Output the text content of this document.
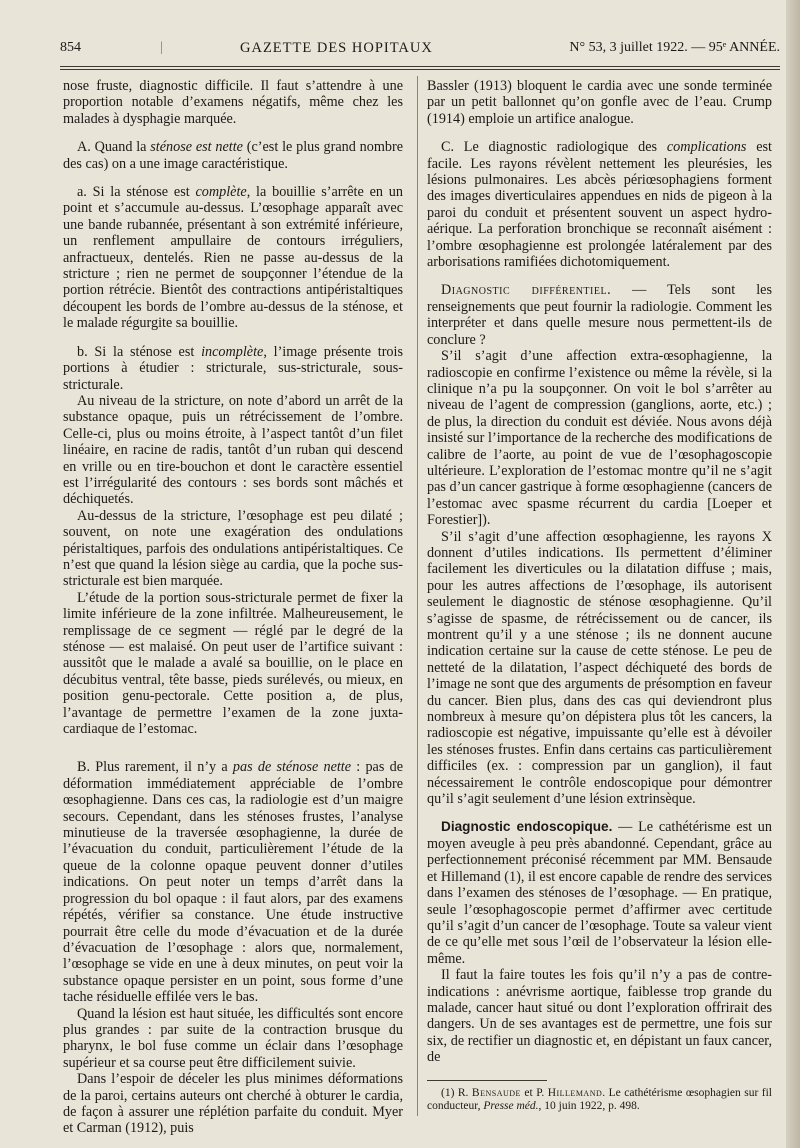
854	|	GAZETTE DES HOPITAUX	N° 53, 3 juillet 1922. — 95ᵉ ANNÉE.

nose fruste, diagnostic difficile. Il faut s’attendre à une proportion notable d’examens négatifs, même chez les malades à dysphagie marquée.

A. Quand la sténose est nette (c’est le plus grand nombre des cas) on a une image caractéristique.

a. Si la sténose est complète, la bouillie s’arrête en un point et s’accumule au-dessus. L’œsophage apparaît avec une bande rubannée, présentant à son extrémité inférieure, un renflement ampullaire de contours irréguliers, anfractueux, dentelés. Rien ne passe au-dessus de la stricture ; rien ne permet de soupçonner l’étendue de la portion rétrécie. Bientôt des contractions antipéristaltiques découpent les bords de l’ombre au-dessus de la sténose, et le malade régurgite sa bouillie.

b. Si la sténose est incomplète, l’image présente trois portions à étudier : stricturale, sus-stricturale, sous-stricturale.

Au niveau de la stricture, on note d’abord un arrêt de la substance opaque, puis un rétrécissement de l’ombre. Celle-ci, plus ou moins étroite, à l’aspect tantôt d’un filet linéaire, en racine de radis, tantôt d’un ruban qui descend en vrille ou en tire-bouchon et dont le caractère essentiel est l’irrégularité des contours : ses bords sont mâchés et déchiquetés.

Au-dessus de la stricture, l’œsophage est peu dilaté ; souvent, on note une exagération des ondulations péristaltiques, parfois des ondulations antipéristaltiques. Ce n’est que quand la lésion siège au cardia, que la poche sus-stricturale est bien marquée.

L’étude de la portion sous-stricturale permet de fixer la limite inférieure de la zone infiltrée. Malheureusement, le remplissage de ce segment — réglé par le degré de la sténose — est malaisé. On peut user de l’artifice suivant : aussitôt que le malade a avalé sa bouillie, on le place en décubitus ventral, tête basse, pieds surélevés, ou mieux, en position genu-pectorale. Cette position a, de plus, l’avantage de permettre l’examen de la zone juxta-cardiaque de l’estomac.

B. Plus rarement, il n’y a pas de sténose nette : pas de déformation immédiatement appréciable de l’ombre œsophagienne. Dans ces cas, la radiologie est d’un maigre secours. Cependant, dans les sténoses frustes, l’analyse minutieuse de la traversée œsophagienne, la durée de l’évacuation du conduit, particulièrement l’étude de la queue de la colonne opaque peuvent donner d’utiles indications. On peut noter un temps d’arrêt dans la progression du bol opaque : il faut alors, par des examens répétés, vérifier sa constance. Une étude instructive pourrait être celle du mode d’évacuation et de la durée d’évacuation de l’œsophage : alors que, normalement, l’œsophage se vide en une à deux minutes, on peut voir la substance opaque persister en un point, sous forme d’une tache résiduelle effilée vers le bas.

Quand la lésion est haut située, les difficultés sont encore plus grandes : par suite de la contraction brusque du pharynx, le bol fuse comme un éclair dans l’œsophage supérieur et sa course peut être difficilement suivie.

Dans l’espoir de déceler les plus minimes déformations de la paroi, certains auteurs ont cherché à obturer le cardia, de façon à assurer une réplétion parfaite du conduit. Myer et Carman (1912), puis

Bassler (1913) bloquent le cardia avec une sonde terminée par un petit ballonnet qu’on gonfle avec de l’eau. Crump (1914) emploie un artifice analogue.

C. Le diagnostic radiologique des complications est facile. Les rayons révèlent nettement les pleurésies, les lésions pulmonaires. Les abcès périœsophagiens forment des images diverticulaires appendues en nids de pigeon à la paroi du conduit et présentent souvent un aspect hydro-aérique. La perforation bronchique se reconnaît aisément : l’ombre œsophagienne est prolongée latéralement par des arborisations ramifiées dichotomiquement.

Diagnostic différentiel. — Tels sont les renseignements que peut fournir la radiologie. Comment les interpréter et dans quelle mesure nous permettent-ils de conclure ?

S’il s’agit d’une affection extra-œsophagienne, la radioscopie en confirme l’existence ou même la révèle, si la clinique n’a pu la soupçonner. On voit le bol s’arrêter au niveau de l’agent de compression (ganglions, aorte, etc.) ; de plus, la direction du conduit est déviée. Nous avons déjà insisté sur l’importance de la recherche des modifications de calibre de l’aorte, au point de vue de l’œsophagoscopie ultérieure. L’exploration de l’estomac montre qu’il ne s’agit pas d’un cancer gastrique à forme œsophagienne (cancers de l’estomac avec spasme récurrent du cardia [Loeper et Forestier]).

S’il s’agit d’une affection œsophagienne, les rayons X donnent d’utiles indications. Ils permettent d’éliminer facilement les diverticules ou la dilatation diffuse ; mais, pour les autres affections de l’œsophage, ils autorisent seulement le diagnostic de sténose œsophagienne. Qu’il s’agisse de spasme, de rétrécissement ou de cancer, ils montrent qu’il y a une sténose ; ils ne donnent aucune indication certaine sur la cause de cette sténose. Le peu de netteté de la dilatation, l’aspect déchiqueté des bords de l’image ne sont que des arguments de présomption en faveur du cancer. Bien plus, dans des cas qui deviendront plus nombreux à mesure qu’on dépistera plus tôt les cancers, la radioscopie est négative, impuissante qu’elle est à dévoiler les sténoses frustes. Enfin dans certains cas particulièrement difficiles (ex. : compression par un ganglion), il faut nécessairement le contrôle endoscopique pour démontrer qu’il s’agit seulement d’une lésion extrinsèque.

Diagnostic endoscopique. — Le cathétérisme est un moyen aveugle à peu près abandonné. Cependant, grâce au perfectionnement préconisé récemment par MM. Bensaude et Hillemand (1), il est encore capable de rendre des services dans l’examen des sténoses de l’œsophage. — En pratique, seule l’œsophagoscopie permet d’affirmer avec certitude qu’il s’agit d’un cancer de l’œsophage. Toute sa valeur vient de ce qu’elle met sous l’œil de l’observateur la lésion elle-même.

Il faut la faire toutes les fois qu’il n’y a pas de contre-indications : anévrisme aortique, faiblesse trop grande du malade, cancer haut situé ou dont l’exploration offrirait des dangers. Un de ses avantages est de permettre, une fois sur six, de rectifier un diagnostic et, en dépistant un faux cancer, de

(1) R. Bensaude et P. Hillemand. Le cathétérisme œsophagien sur fil conducteur, Presse méd., 10 juin 1922, p. 498.
